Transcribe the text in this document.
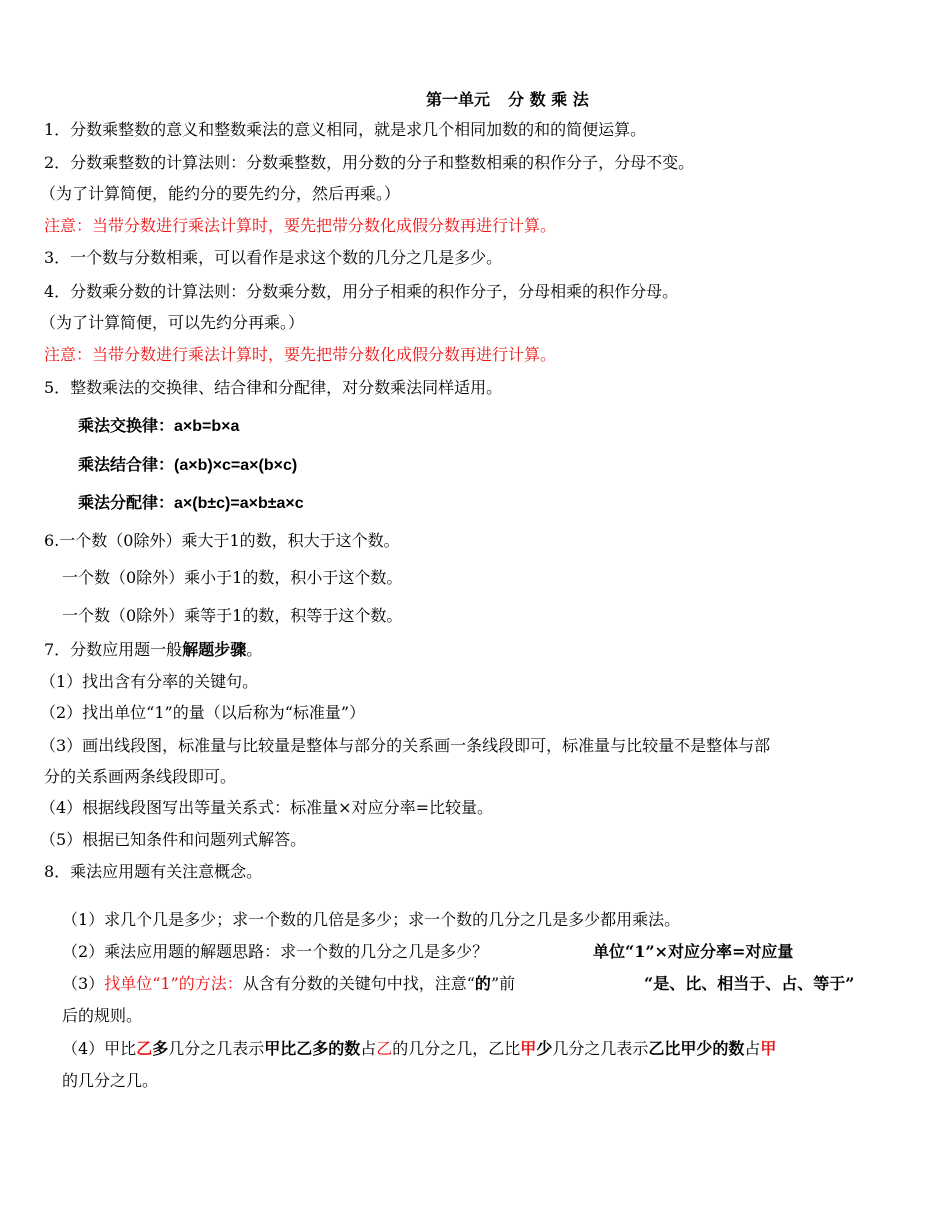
第一单元 分 数 乘 法
1．分数乘整数的意义和整数乘法的意义相同，就是求几个相同加数的和的简便运算。
2．分数乘整数的计算法则：分数乘整数，用分数的分子和整数相乘的积作分子，分母不变。
（为了计算简便，能约分的要先约分，然后再乘。）
注意：当带分数进行乘法计算时，要先把带分数化成假分数再进行计算。
3．一个数与分数相乘，可以看作是求这个数的几分之几是多少。
4．分数乘分数的计算法则：分数乘分数，用分子相乘的积作分子，分母相乘的积作分母。
（为了计算简便，可以先约分再乘。）
注意：当带分数进行乘法计算时，要先把带分数化成假分数再进行计算。
5．整数乘法的交换律、结合律和分配律，对分数乘法同样适用。
乘法交换律：a×b=b×a
乘法结合律：(a×b)×c=a×(b×c)
乘法分配律：a×(b±c)=a×b±a×c
6.一个数（0除外）乘大于1的数，积大于这个数。
一个数（0除外）乘小于1的数，积小于这个数。
一个数（0除外）乘等于1的数，积等于这个数。
7．分数应用题一般解题步骤。
（1）找出含有分率的关键句。
（2）找出单位“1”的量（以后称为“标准量”）
（3）画出线段图，标准量与比较量是整体与部分的关系画一条线段即可，标准量与比较量不是整体与部
分的关系画两条线段即可。
（4）根据线段图写出等量关系式：标准量×对应分率=比较量。
（5）根据已知条件和问题列式解答。
8．乘法应用题有关注意概念。
（1）求几个几是多少；求一个数的几倍是多少；求一个数的几分之几是多少都用乘法。
（2）乘法应用题的解题思路：求一个数的几分之几是多少？	单位“1”×对应分率=对应量
（3）找单位“1”的方法：从含有分数的关键句中找，注意“的”前	“是、比、相当于、占、等于”
后的规则。
（4）甲比乙多几分之几表示甲比乙多的数占乙的几分之几，乙比甲少几分之几表示乙比甲少的数占甲
的几分之几。
